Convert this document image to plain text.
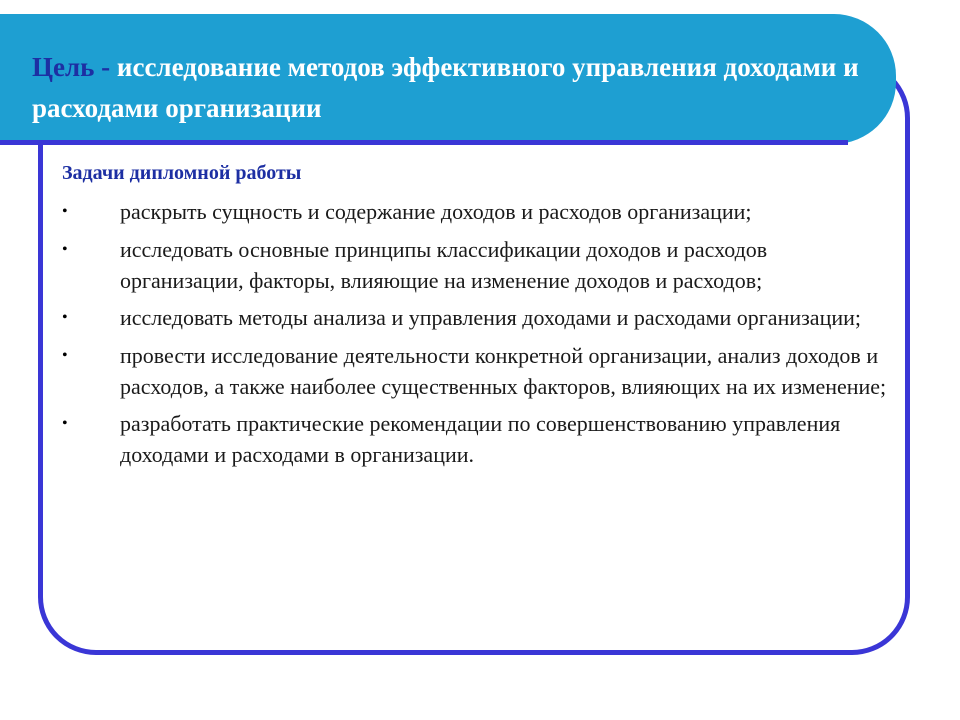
Цель - исследование методов эффективного управления доходами и расходами организации
Задачи дипломной работы
•	раскрыть сущность и содержание доходов и расходов организации;
•	исследовать основные принципы классификации доходов и расходов организации, факторы, влияющие на изменение доходов и расходов;
•	исследовать методы анализа и управления доходами и расходами организации;
•	провести исследование деятельности конкретной организации, анализ доходов и расходов, а также наиболее существенных факторов, влияющих на их изменение;
•	разработать практические рекомендации по совершенствованию управления доходами и расходами в организации.
